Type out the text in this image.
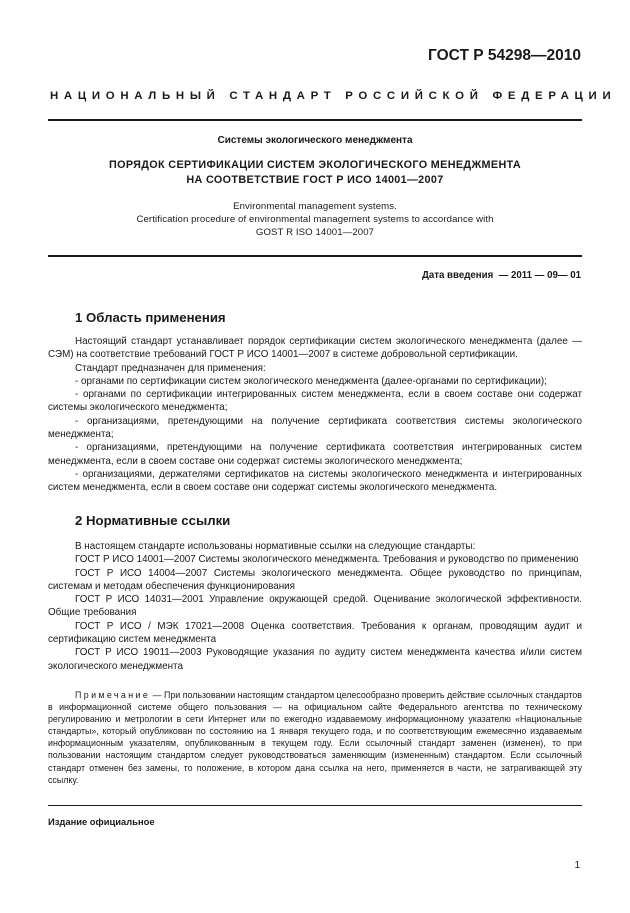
ГОСТ Р 54298—2010
НАЦИОНАЛЬНЫЙ СТАНДАРТ РОССИЙСКОЙ ФЕДЕРАЦИИ
Системы экологического менеджмента
ПОРЯДОК СЕРТИФИКАЦИИ СИСТЕМ ЭКОЛОГИЧЕСКОГО МЕНЕДЖМЕНТА
НА СООТВЕТСТВИЕ ГОСТ Р ИСО 14001—2007
Environmental management systems.
Certification procedure of environmental management systems to accordance with
GOST R ISO 14001—2007
Дата введения  — 2011 — 09— 01
1 Область применения

Настоящий стандарт устанавливает порядок сертификации систем экологического менеджмента (далее — СЭМ) на соответствие требований ГОСТ Р ИСО 14001—2007 в системе добровольной сертификации.

Стандарт предназначен для применения:

- органами по сертификации систем экологического менеджмента (далее-органами по сертификации);

- органами по сертификации интегрированных систем менеджмента, если в своем составе они содержат системы экологического менеджмента;

- организациями, претендующими на получение сертификата соответствия системы экологического менеджмента;

- организациями, претендующими на получение сертификата соответствия интегрированных систем менеджмента, если в своем составе они содержат системы экологического менеджмента;

- организациями, держателями сертификатов на системы экологического менеджмента и интегрированных систем менеджмента, если в своем составе они содержат системы экологического менеджмента.

2 Нормативные ссылки

В настоящем стандарте использованы нормативные ссылки на следующие стандарты:

ГОСТ Р ИСО 14001—2007 Системы экологического менеджмента. Требования и руководство по применению

ГОСТ Р ИСО 14004—2007 Системы экологического менеджмента. Общее руководство по принципам, системам и методам обеспечения функционирования

ГОСТ Р ИСО 14031—2001 Управление окружающей средой. Оценивание экологической эффективности. Общие требования

ГОСТ Р ИСО / МЭК 17021—2008 Оценка соответствия. Требования к органам, проводящим аудит и сертификацию систем менеджмента

ГОСТ Р ИСО 19011—2003 Руководящие указания по аудиту систем менеджмента качества и/или систем экологического менеджмента

Примечание — При пользовании настоящим стандартом целесообразно проверить действие ссылочных стандартов в информационной системе общего пользования — на официальном сайте Федерального агентства по техническому регулированию и метрологии в сети Интернет или по ежегодно издаваемому информационному указателю «Национальные стандарты», который опубликован по состоянию на 1 января текущего года, и по соответствующим ежемесячно издаваемым информационным указателям, опубликованным в текущем году. Если ссылочный стандарт заменен (изменен), то при пользовании настоящим стандартом следует руководствоваться заменяющим (измененным) стандартом. Если ссылочный стандарт отменен без замены, то положение, в котором дана ссылка на него, применяется в части, не затрагивающей эту ссылку.
Издание официальное
1
